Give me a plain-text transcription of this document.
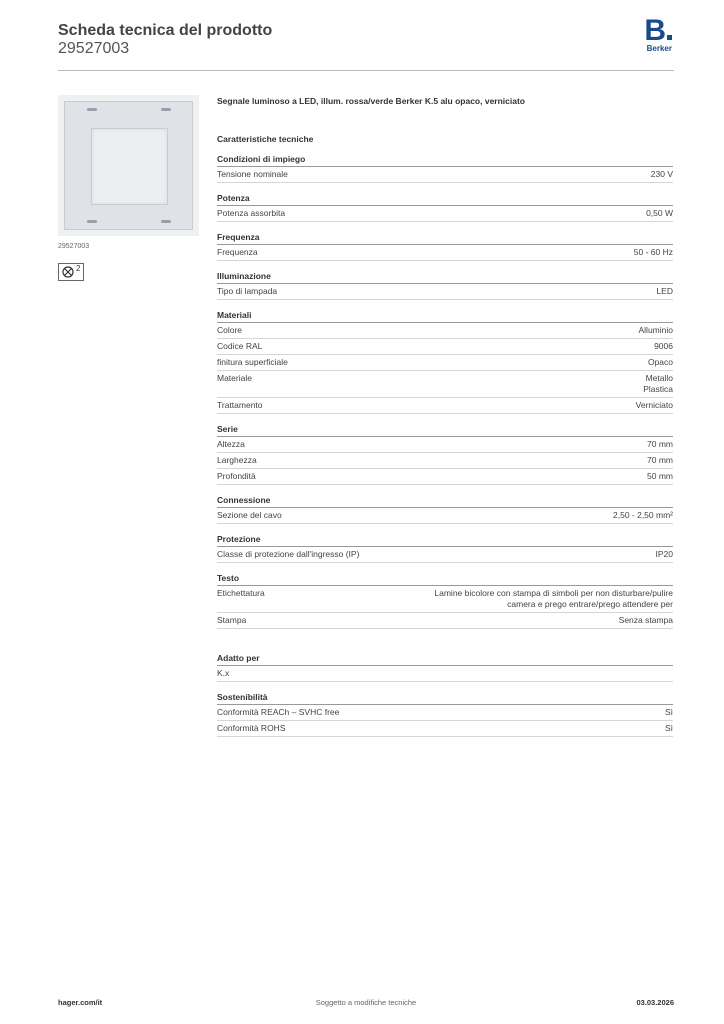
Scheda tecnica del prodotto
29527003
B
Berker
29527003
2
Segnale luminoso a LED, illum. rossa/verde Berker K.5 alu opaco, verniciato
Caratteristiche tecniche
Condizioni di impiego
Tensione nominale	230 V
Potenza
Potenza assorbita	0,50 W
Frequenza
Frequenza	50 - 60 Hz
Illuminazione
Tipo di lampada	LED
Materiali
Colore	Alluminio
Codice RAL	9006
finitura superficiale	Opaco
Materiale	Metallo
Plastica
Trattamento	Verniciato
Serie
Altezza	70 mm
Larghezza	70 mm
Profondità	50 mm
Connessione
Sezione del cavo	2,50 - 2,50 mm²
Protezione
Classe di protezione dall'ingresso (IP)	IP20
Testo
Etichettatura	Lamine bicolore con stampa di simboli per non disturbare/pulire
camera e prego entrare/prego attendere per
Stampa	Senza stampa
Adatto per
K.x
Sostenibilità
Conformità REACh – SVHC free	Sì
Conformità ROHS	Sì
hager.com/it	Soggetto a modifiche tecniche	03.03.2026
